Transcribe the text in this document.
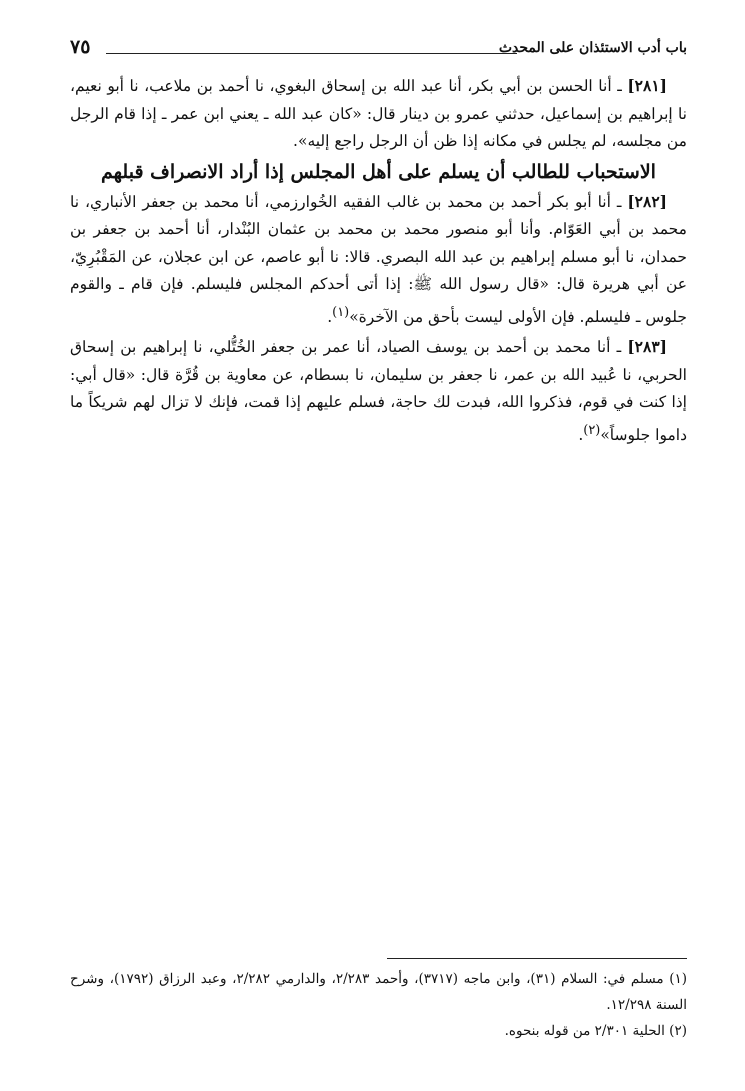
باب أدب الاستئذان على المحدث
٧٥

[٢٨١] ـ أنا الحسن بن أبي بكر، أنا عبد الله بن إسحاق البغوي، نا أحمد بن ملاعب، نا أبو نعيم، نا إبراهيم بن إسماعيل، حدثني عمرو بن دينار قال: «كان عبد الله ـ يعني ابن عمر ـ إذا قام الرجل من مجلسه، لم يجلس في مكانه إذا ظن أن الرجل راجع إليه».

الاستحباب للطالب أن يسلم على أهل المجلس إذا أراد الانصراف قبلهم

[٢٨٢] ـ أنا أبو بكر أحمد بن محمد بن غالب الفقيه الخُوارزمي، أنا محمد بن جعفر الأنباري، نا محمد بن أبي العَوّام. وأنا أبو منصور محمد بن محمد بن عثمان البُنْدار، أنا أحمد بن جعفر بن حمدان، نا أبو مسلم إبراهيم بن عبد الله البصري. قالا: نا أبو عاصم، عن ابن عجلان، عن المَقْبُرِيّ، عن أبي هريرة قال: «قال رسول الله ﷺ: إذا أتى أحدكم المجلس فليسلم. فإن قام ـ والقوم جلوس ـ فليسلم. فإن الأولى ليست بأحق من الآخرة»$^{(١)}$.

[٢٨٣] ـ أنا محمد بن أحمد بن يوسف الصياد، أنا عمر بن جعفر الخُتُّلي، نا إبراهيم بن إسحاق الحربي، نا عُبيد الله بن عمر، نا جعفر بن سليمان، نا بسطام، عن معاوية بن قُرَّة قال: «قال أبي: إذا كنت في قوم، فذكروا الله، فبدت لك حاجة، فسلم عليهم إذا قمت، فإنك لا تزال لهم شريكاً ما داموا جلوساً»$^{(٢)}$.

(١) مسلم في: السلام (٣١)، وابن ماجه (٣٧١٧)، وأحمد ٢/٢٨٣، والدارمي ٢/٢٨٢، وعبد الرزاق (١٧٩٢)، وشرح السنة ١٢/٢٩٨.

(٢) الحلية ٢/٣٠١ من قوله بنحوه.
